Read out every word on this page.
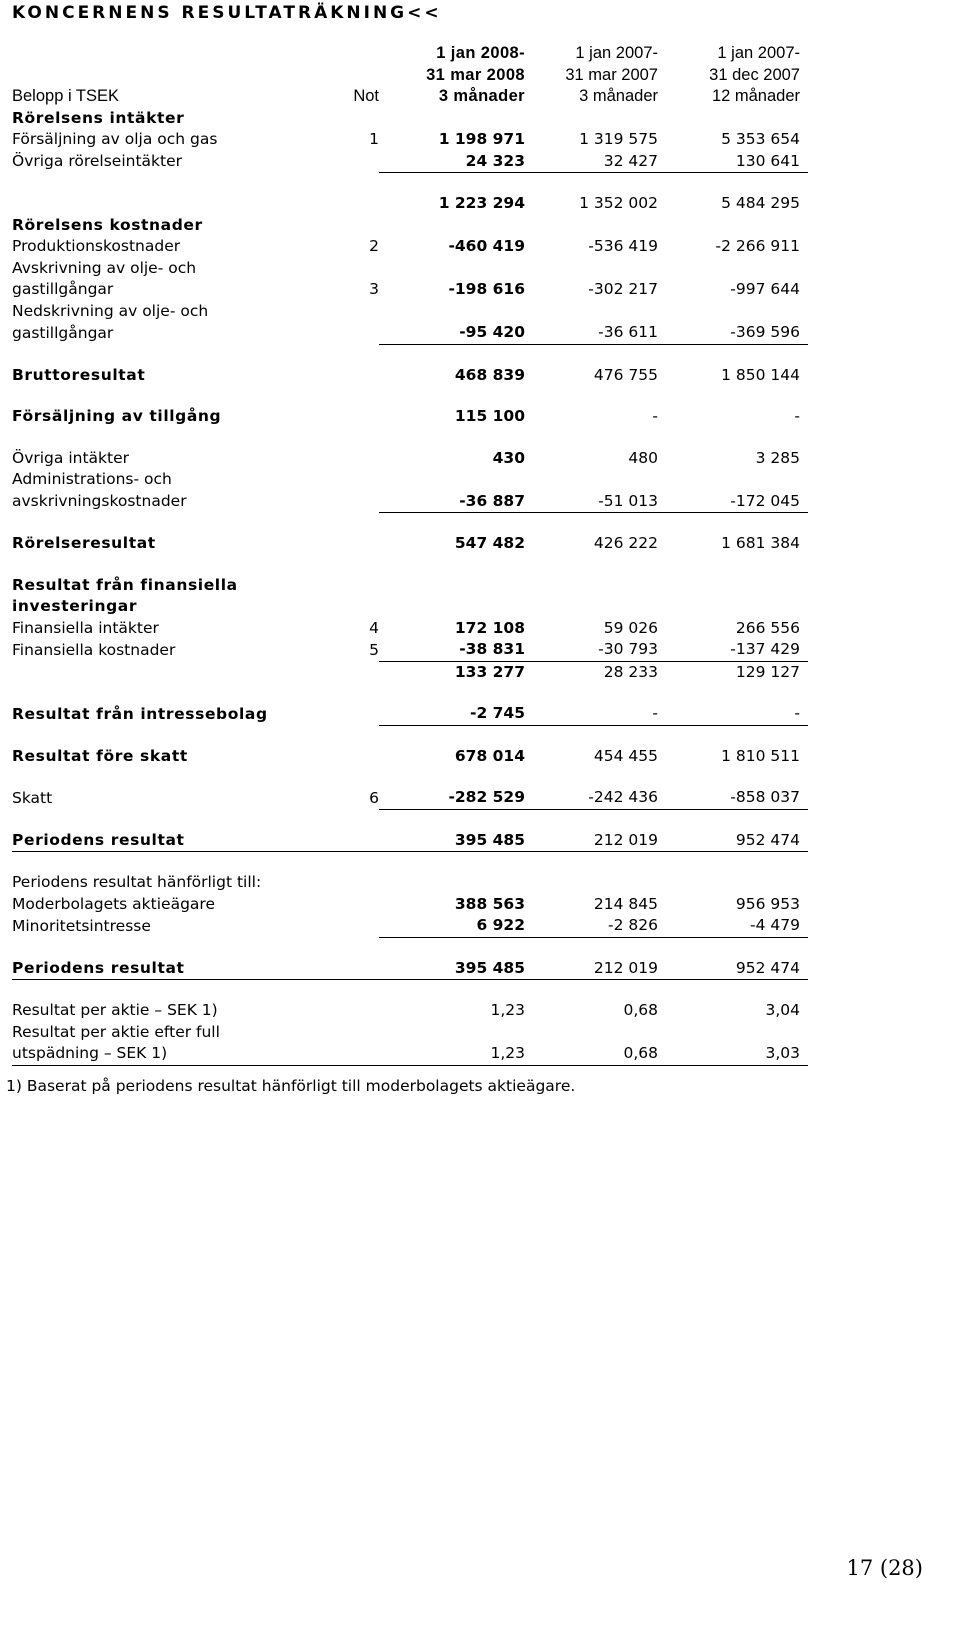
KONCERNENS RESULTATRÄKNING<<
			1 jan 2008-	1 jan 2007-	1 jan 2007-
			31 mar 2008	31 mar 2007	31 dec 2007
Belopp i TSEK	Not		3 månader	3 månader	12 månader
Rörelsens intäkter					
Försäljning av olja och gas	1		1 198 971	1 319 575	5 353 654
Övriga rörelseintäkter			24 323	32 427	130 641

			1 223 294	1 352 002	5 484 295
Rörelsens kostnader					
Produktionskostnader	2		-460 419	-536 419	-2 266 911
Avskrivning av olje- och					
gastillgångar	3		-198 616	-302 217	-997 644
Nedskrivning av olje- och					
gastillgångar			-95 420	-36 611	-369 596

Bruttoresultat			468 839	476 755	1 850 144

Försäljning av tillgång			115 100	-	-

Övriga intäkter			430	480	3 285
Administrations- och					
avskrivningskostnader			-36 887	-51 013	-172 045

Rörelseresultat			547 482	426 222	1 681 384

Resultat från finansiella					
investeringar					
Finansiella intäkter	4		172 108	59 026	266 556
Finansiella kostnader	5		-38 831	-30 793	-137 429
			133 277	28 233	129 127

Resultat från intressebolag			-2 745	-	-

Resultat före skatt			678 014	454 455	1 810 511

Skatt	6		-282 529	-242 436	-858 037

Periodens resultat			395 485	212 019	952 474

Periodens resultat hänförligt till:					
Moderbolagets aktieägare			388 563	214 845	956 953
Minoritetsintresse			6 922	-2 826	-4 479

Periodens resultat			395 485	212 019	952 474

Resultat per aktie – SEK 1)			1,23	0,68	3,04
Resultat per aktie efter full					
utspädning – SEK 1)			1,23	0,68	3,03
1) Baserat på periodens resultat hänförligt till moderbolagets aktieägare.
17 (28)
